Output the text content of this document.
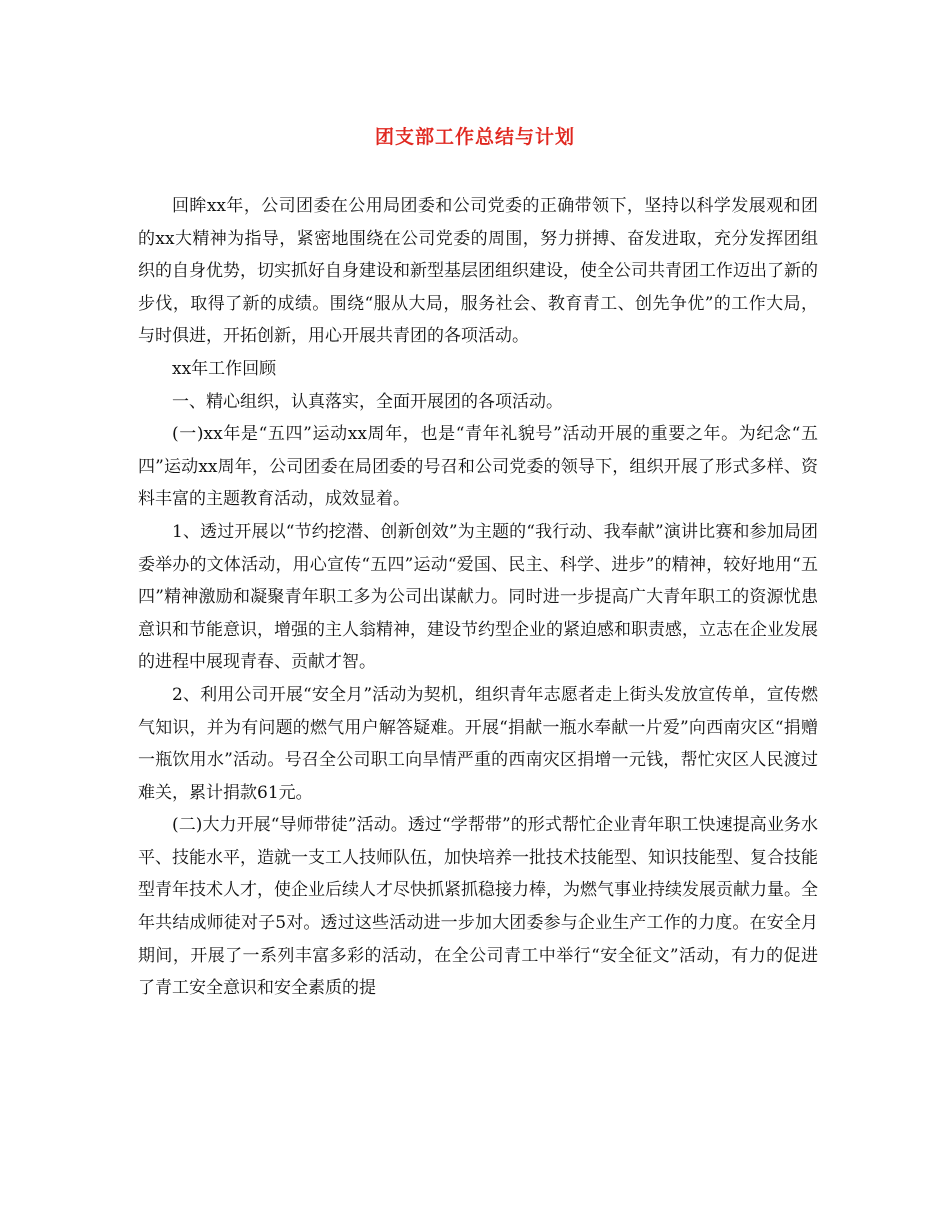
团支部工作总结与计划

回眸xx年，公司团委在公用局团委和公司党委的正确带领下，坚持以科学发展观和团的xx大精神为指导，紧密地围绕在公司党委的周围，努力拼搏、奋发进取，充分发挥团组织的自身优势，切实抓好自身建设和新型基层团组织建设，使全公司共青团工作迈出了新的步伐，取得了新的成绩。围绕“服从大局，服务社会、教育青工、创先争优”的工作大局，与时俱进，开拓创新，用心开展共青团的各项活动。

xx年工作回顾

一、精心组织，认真落实，全面开展团的各项活动。

(一)xx年是“五四”运动xx周年，也是“青年礼貌号”活动开展的重要之年。为纪念“五四”运动xx周年，公司团委在局团委的号召和公司党委的领导下，组织开展了形式多样、资料丰富的主题教育活动，成效显着。

1、透过开展以“节约挖潜、创新创效”为主题的“我行动、我奉献”演讲比赛和参加局团委举办的文体活动，用心宣传“五四”运动“爱国、民主、科学、进步”的精神，较好地用“五四”精神激励和凝聚青年职工多为公司出谋献力。同时进一步提高广大青年职工的资源忧患意识和节能意识，增强的主人翁精神，建设节约型企业的紧迫感和职责感，立志在企业发展的进程中展现青春、贡献才智。

2、利用公司开展“安全月”活动为契机，组织青年志愿者走上街头发放宣传单，宣传燃气知识，并为有问题的燃气用户解答疑难。开展“捐献一瓶水奉献一片爱”向西南灾区“捐赠一瓶饮用水”活动。号召全公司职工向旱情严重的西南灾区捐增一元钱，帮忙灾区人民渡过难关，累计捐款61元。

(二)大力开展“导师带徒”活动。透过“学帮带”的形式帮忙企业青年职工快速提高业务水平、技能水平，造就一支工人技师队伍，加快培养一批技术技能型、知识技能型、复合技能型青年技术人才，使企业后续人才尽快抓紧抓稳接力棒，为燃气事业持续发展贡献力量。全年共结成师徒对子5对。透过这些活动进一步加大团委参与企业生产工作的力度。在安全月期间，开展了一系列丰富多彩的活动，在全公司青工中举行“安全征文”活动，有力的促进了青工安全意识和安全素质的提
